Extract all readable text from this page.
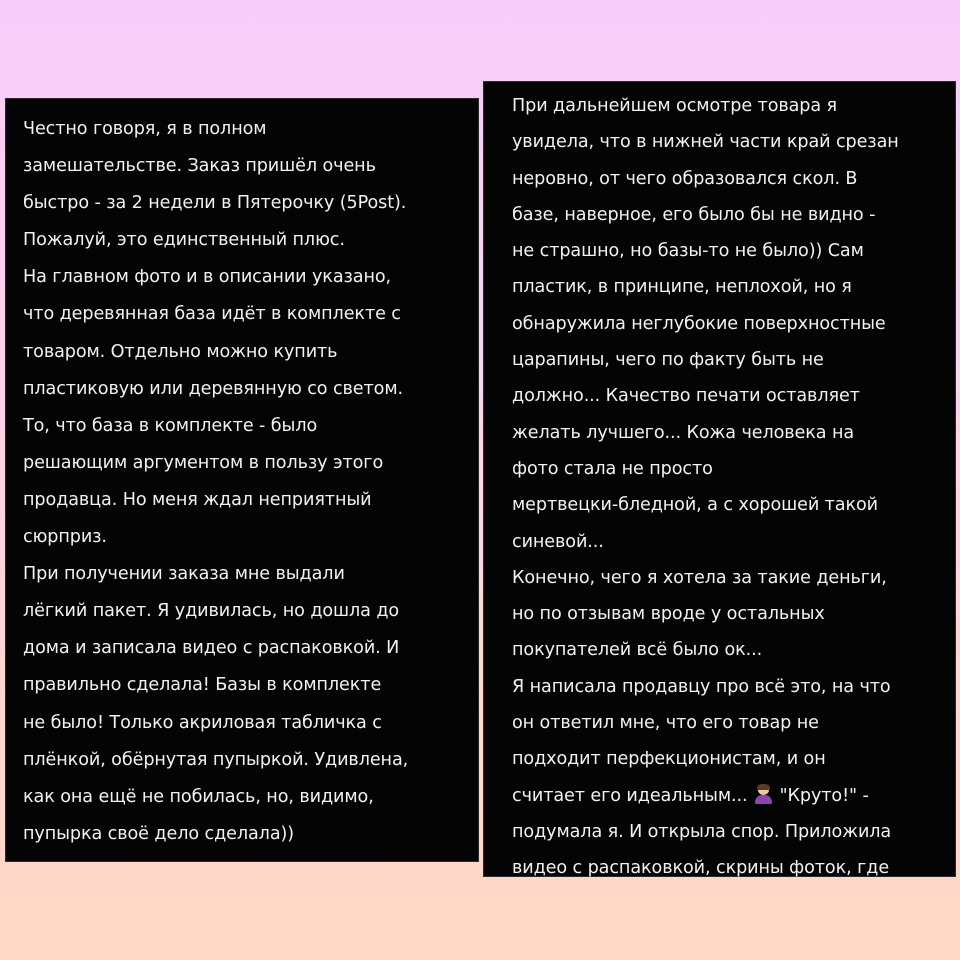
Честно говоря, я в полном
замешательстве. Заказ пришёл очень
быстро - за 2 недели в Пятерочку (5Post).
Пожалуй, это единственный плюс.
На главном фото и в описании указано,
что деревянная база идёт в комплекте с
товаром. Отдельно можно купить
пластиковую или деревянную со светом.
То, что база в комплекте - было
решающим аргументом в пользу этого
продавца. Но меня ждал неприятный
сюрприз.
При получении заказа мне выдали
лёгкий пакет. Я удивилась, но дошла до
дома и записала видео с распаковкой. И
правильно сделала! Базы в комплекте
не было! Только акриловая табличка с
плёнкой, обёрнутая пупыркой. Удивлена,
как она ещё не побилась, но, видимо,
пупырка своё дело сделала))
При дальнейшем осмотре товара я
увидела, что в нижней части край срезан
неровно, от чего образовался скол. В
базе, наверное, его было бы не видно -
не страшно, но базы-то не было)) Сам
пластик, в принципе, неплохой, но я
обнаружила неглубокие поверхностные
царапины, чего по факту быть не
должно... Качество печати оставляет
желать лучшего... Кожа человека на
фото стала не просто
мертвецки-бледной, а с хорошей такой
синевой...
Конечно, чего я хотела за такие деньги,
но по отзывам вроде у остальных
покупателей всё было ок...
Я написала продавцу про всё это, на что
он ответил мне, что его товар не
подходит перфекционистам, и он
считает его идеальным... "Круто!" -
подумала я. И открыла спор. Приложила
видео с распаковкой, скрины фоток, где
